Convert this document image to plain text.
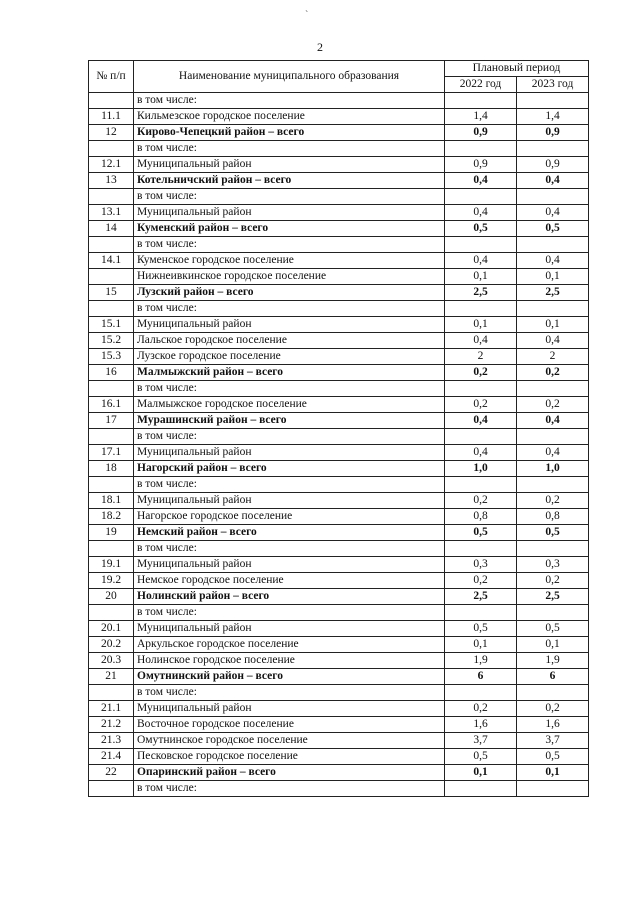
`
2
№ п/п	Наименование муниципального образования	Плановый период	
		2022 год	2023 год
	в том числе:		
11.1	Кильмезское городское поселение	1,4	1,4
12	Кирово-Чепецкий район – всего	0,9	0,9
	в том числе:		
12.1	Муниципальный район	0,9	0,9
13	Котельничский район – всего	0,4	0,4
	в том числе:		
13.1	Муниципальный район	0,4	0,4
14	Куменский район – всего	0,5	0,5
	в том числе:		
14.1	Куменское городское поселение	0,4	0,4
	Нижнеивкинское городское поселение	0,1	0,1
15	Лузский район – всего	2,5	2,5
	в том числе:		
15.1	Муниципальный район	0,1	0,1
15.2	Лальское городское поселение	0,4	0,4
15.3	Лузское городское поселение	2	2
16	Малмыжский район – всего	0,2	0,2
	в том числе:		
16.1	Малмыжское городское поселение	0,2	0,2
17	Мурашинский район – всего	0,4	0,4
	в том числе:		
17.1	Муниципальный район	0,4	0,4
18	Нагорский район – всего	1,0	1,0
	в том числе:		
18.1	Муниципальный район	0,2	0,2
18.2	Нагорское городское поселение	0,8	0,8
19	Немский район – всего	0,5	0,5
	в том числе:		
19.1	Муниципальный район	0,3	0,3
19.2	Немское городское поселение	0,2	0,2
20	Нолинский район – всего	2,5	2,5
	в том числе:		
20.1	Муниципальный район	0,5	0,5
20.2	Аркульское городское поселение	0,1	0,1
20.3	Нолинское городское поселение	1,9	1,9
21	Омутнинский район – всего	6	6
	в том числе:		
21.1	Муниципальный район	0,2	0,2
21.2	Восточное городское поселение	1,6	1,6
21.3	Омутнинское городское поселение	3,7	3,7
21.4	Песковское городское поселение	0,5	0,5
22	Опаринский район – всего	0,1	0,1
	в том числе:		
